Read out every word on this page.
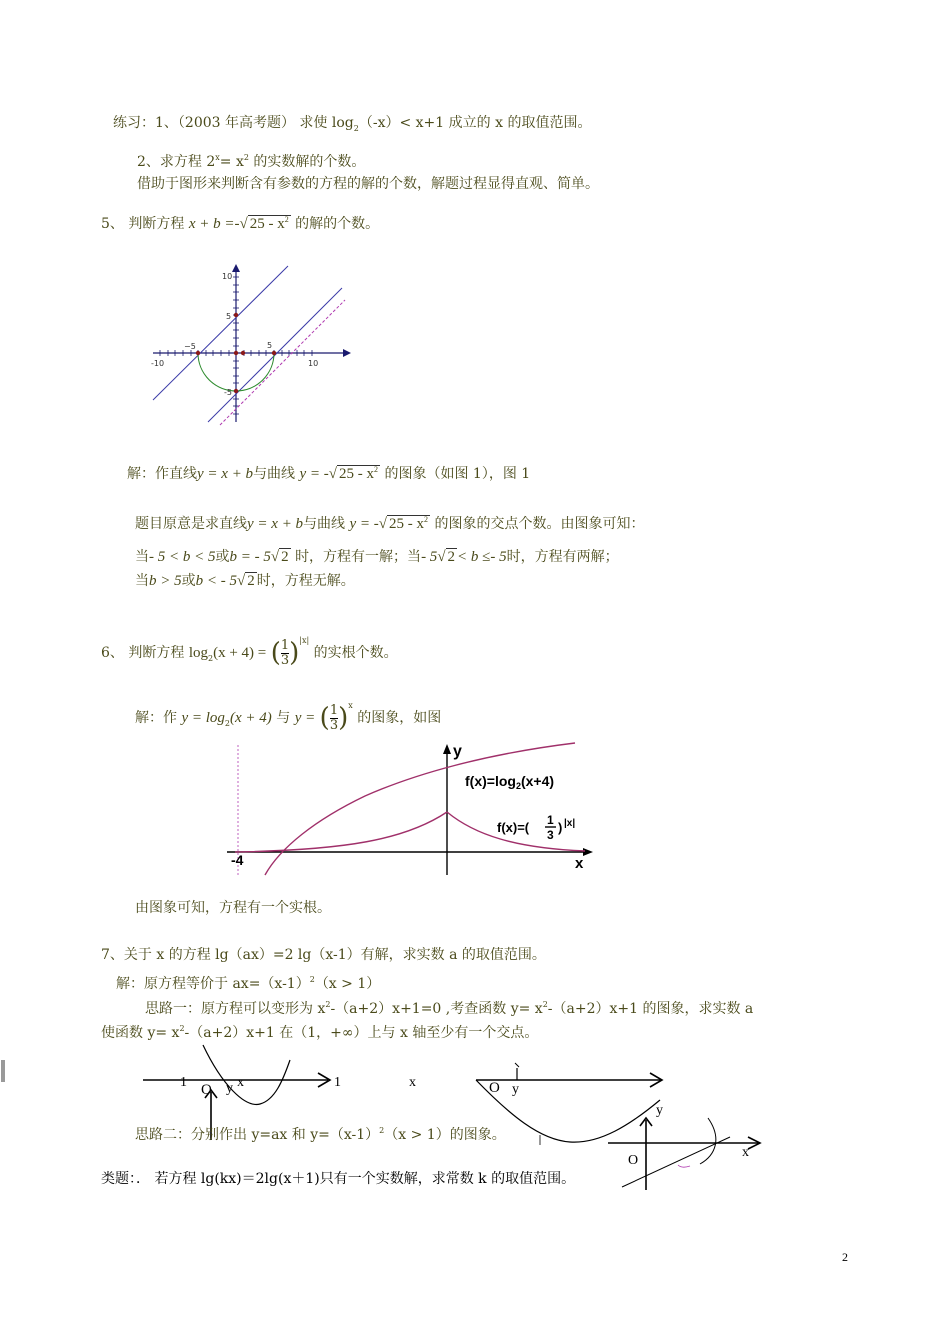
练习：1、（2003 年高考题） 求使 $\log_2(-x)< x+1$ 成立的 x 的取值范围。
2、求方程 $2^x= x^2$ 的实数解的个数。
借助于图形来判断含有参数的方程的解的个数，解题过程显得直观、简单。
5、 判断方程 x + b =-√ $25 - x^2$ 的解的个数。
10
5
−5	5
-10	10
-5
解：作直线y = x + b与曲线 y = -√ $25 - x^2$ 的图象（如图 1），图 1
题目原意是求直线y = x + b与曲线 y = -√ $25 - x^2$ 的图象的交点个数。由图象可知：
当- 5 < b < 5或b = - 5√ 2 时，方程有一解；当- 5√ 2 < b ≤- 5时，方程有两解；
当b > 5或b < - 5√ 2 时，方程无解。
6、 判断方程 $\log_2(x + 4)$ = ( $\frac{1}{3} )^{|x|}$ 的实根个数。
解：作 $y = \log_2(x + 4)$ 与 y = ( $\frac{1}{3} )^x$ 的图象，如图
y
x
-4
$f(x)=\log_2(x+4)$
f(x)=( 1
3 ) |x|
由图象可知，方程有一个实根。
7、关于 x 的方程 lg（ax）=2 lg（x-1）有解，求实数 a 的取值范围。
解：原方程等价于 $ax=(x-1)^2(x > 1)$
思路一：原方程可以变形为 $x^2-(a+2)x+1=0$ ,考查函数 $y= x^2-(a+2)x+1$ 的图象，求实数 a
使函数 $y= x^2-(a+2)x+1$ 在（1，+∞）上与 x 轴至少有一个交点。
1 O y x	1	x	O y
y
O
x
思路二：分别作出 y=ax 和 $y=(x-1)^2(x > 1)$的图象。
类题：． 若方程 lg(kx)＝2lg(x＋1)只有一个实数解，求常数 k 的取值范围。
2
